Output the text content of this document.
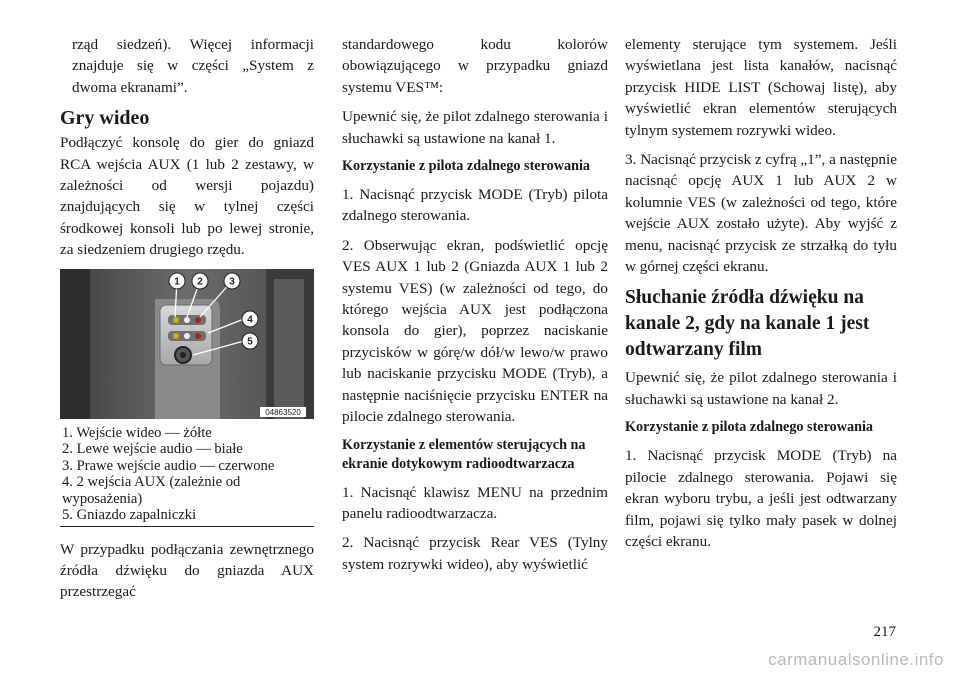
rząd siedzeń). Więcej informacji znajduje się w części „System z dwoma ekranami”.

Gry wideo

Podłączyć konsolę do gier do gniazd RCA wejścia AUX (1 lub 2 zestawy, w zależności od wersji pojazdu) znajdujących się w tylnej części środkowej konsoli lub po lewej stronie, za siedzeniem drugiego rzędu.

1 2	3
4
5
04863520
1. Wejście wideo — żółte
2. Lewe wejście audio — białe
3. Prawe wejście audio — czerwone
4. 2 wejścia AUX (zależnie od wyposażenia)
5. Gniazdo zapalniczki

W przypadku podłączania zewnętrznego źródła dźwięku do gniazda AUX przestrzegać

standardowego kodu kolorów obowiązującego w przypadku gniazd systemu VES™:

Upewnić się, że pilot zdalnego sterowania i słuchawki są ustawione na kanał 1.

Korzystanie z pilota zdalnego sterowania

1. Nacisnąć przycisk MODE (Tryb) pilota zdalnego sterowania.

2. Obserwując ekran, podświetlić opcję VES AUX 1 lub 2 (Gniazda AUX 1 lub 2 systemu VES) (w zależności od tego, do którego wejścia AUX jest podłączona konsola do gier), poprzez naciskanie przycisków w górę/w dół/w lewo/w prawo lub naciskanie przycisku MODE (Tryb), a następnie naciśnięcie przycisku ENTER na pilocie zdalnego sterowania.

Korzystanie z elementów sterujących na ekranie dotykowym radioodtwarzacza

1. Nacisnąć klawisz MENU na przednim panelu radioodtwarzacza.

2. Nacisnąć przycisk Rear VES (Tylny system rozrywki wideo), aby wyświetlić

elementy sterujące tym systemem. Jeśli wyświetlana jest lista kanałów, nacisnąć przycisk HIDE LIST (Schowaj listę), aby wyświetlić ekran elementów sterujących tylnym systemem rozrywki wideo.

3. Nacisnąć przycisk z cyfrą „1”, a następnie nacisnąć opcję AUX 1 lub AUX 2 w kolumnie VES (w zależności od tego, które wejście AUX zostało użyte). Aby wyjść z menu, nacisnąć przycisk ze strzałką do tyłu w górnej części ekranu.

Słuchanie źródła dźwięku na kanale 2, gdy na kanale 1 jest odtwarzany film

Upewnić się, że pilot zdalnego sterowania i słuchawki są ustawione na kanał 2.

Korzystanie z pilota zdalnego sterowania

1. Nacisnąć przycisk MODE (Tryb) na pilocie zdalnego sterowania. Pojawi się ekran wyboru trybu, a jeśli jest odtwarzany film, pojawi się tylko mały pasek w dolnej części ekranu.

217
carmanualsonline.info
